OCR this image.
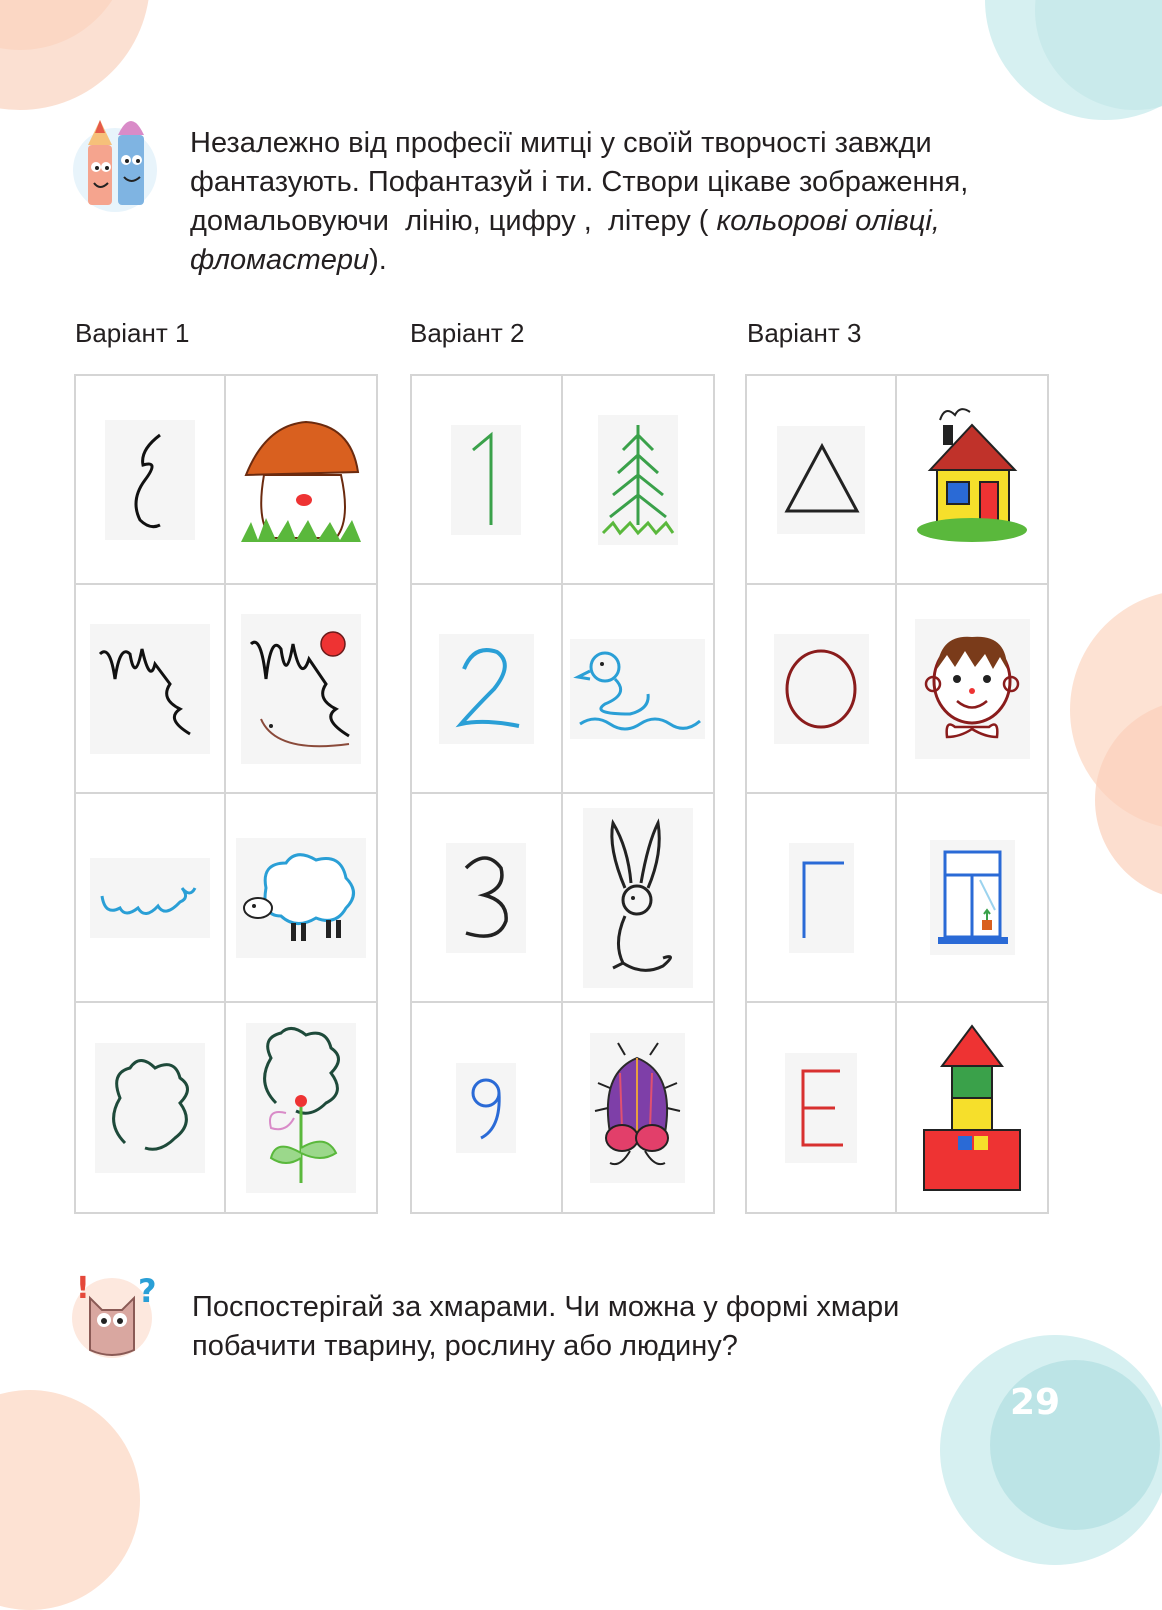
Незалежно від професії митці у своїй творчості завжди
фантазують. Пофантазуй і ти. Створи цікаве зображення,
домальовуючи  лінію, цифру ,  літеру ( кольорові олівці,
фломастери).

Варіант 1	Варіант 2	Варіант 3

! ? Поспостерігай за хмарами. Чи можна у формі хмари
побачити тварину, рослину або людину?

29
